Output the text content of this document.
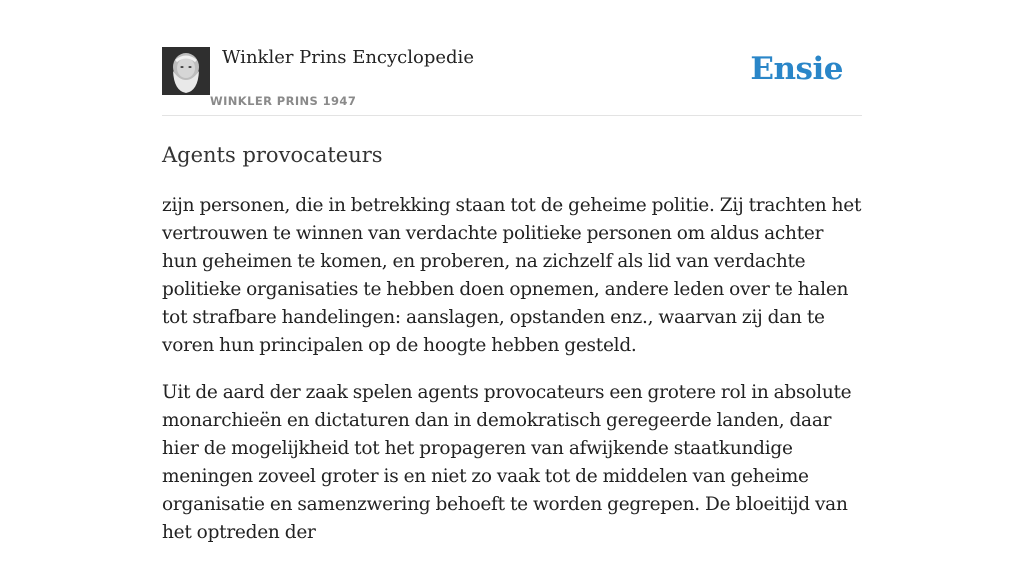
Winkler Prins Encyclopedie
WINKLER PRINS 1947
Ensie
Agents provocateurs

zijn personen, die in betrekking staan tot de geheime politie. Zij trachten het vertrouwen te winnen van verdachte politieke personen om aldus achter hun geheimen te komen, en proberen, na zichzelf als lid van verdachte politieke organisaties te hebben doen opnemen, andere leden over te halen tot strafbare handelingen: aanslagen, opstanden enz., waarvan zij dan te voren hun principalen op de hoogte hebben gesteld.

Uit de aard der zaak spelen agents provocateurs een grotere rol in absolute monarchieën en dictaturen dan in demokratisch geregeerde landen, daar hier de mogelijkheid tot het propageren van afwijkende staatkundige meningen zoveel groter is en niet zo vaak tot de middelen van geheime organisatie en samenzwering behoeft te worden gegrepen. De bloeitijd van het optreden der
